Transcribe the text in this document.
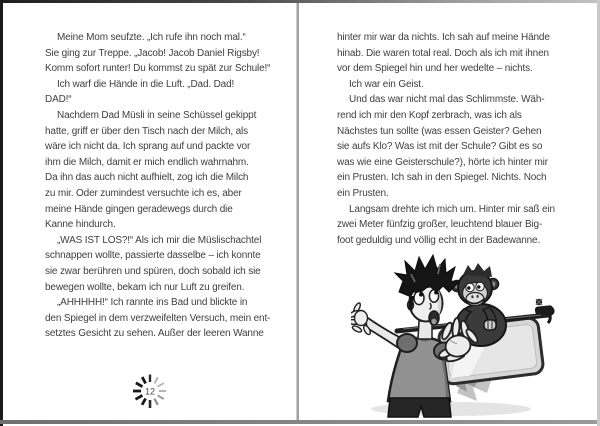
Meine Mom seufzte. „Ich rufe ihn noch mal.“
Sie ging zur Treppe. „Jacob! Jacob Daniel Rigsby!
Komm sofort runter! Du kommst zu spät zur Schule!“
Ich warf die Hände in die Luft. „Dad. Dad!
DAD!“
Nachdem Dad Müsli in seine Schüssel gekippt
hatte, griff er über den Tisch nach der Milch, als
wäre ich nicht da. Ich sprang auf und packte vor
ihm die Milch, damit er mich endlich wahrnahm.
Da ihn das auch nicht aufhielt, zog ich die Milch
zu mir. Oder zumindest versuchte ich es, aber
meine Hände gingen geradewegs durch die
Kanne hindurch.
„WAS IST LOS?!“ Als ich mir die Müslischachtel
schnappen wollte, passierte dasselbe – ich konnte
sie zwar berühren und spüren, doch sobald ich sie
bewegen wollte, bekam ich nur Luft zu greifen.
„AHHHHH!“ Ich rannte ins Bad und blickte in
den Spiegel in dem verzweifelten Versuch, mein ent-
setztes Gesicht zu sehen. Außer der leeren Wanne
12
hinter mir war da nichts. Ich sah auf meine Hände
hinab. Die waren total real. Doch als ich mit ihnen
vor dem Spiegel hin und her wedelte – nichts.
Ich war ein Geist.
Und das war nicht mal das Schlimmste. Wäh-
rend ich mir den Kopf zerbrach, was ich als
Nächstes tun sollte (was essen Geister? Gehen
sie aufs Klo? Was ist mit der Schule? Gibt es so
was wie eine Geisterschule?), hörte ich hinter mir
ein Prusten. Ich sah in den Spiegel. Nichts. Noch
ein Prusten.
Langsam drehte ich mich um. Hinter mir saß ein
zwei Meter fünfzig großer, leuchtend blauer Big-
foot geduldig und völlig echt in der Badewanne.
